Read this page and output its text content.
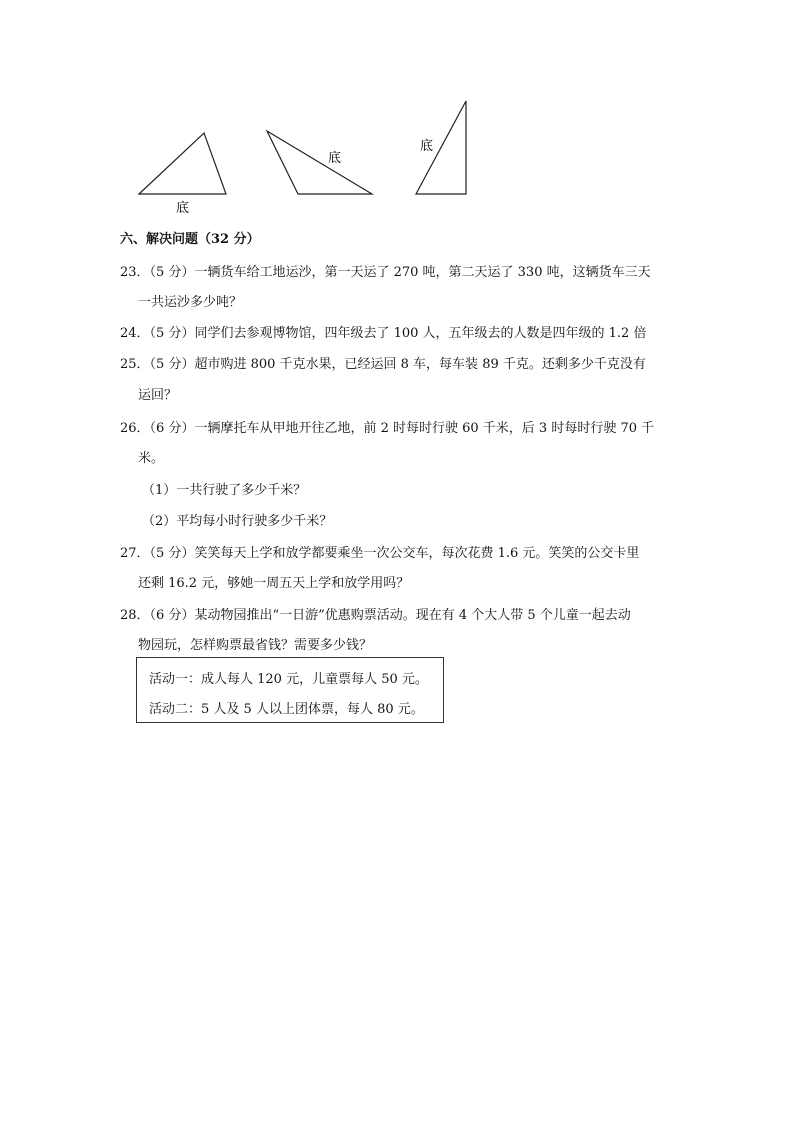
底
底
底
六、解决问题（32 分）
23．（5 分）一辆货车给工地运沙，第一天运了 270 吨，第二天运了 330 吨，这辆货车三天
一共运沙多少吨？
24．（5 分）同学们去参观博物馆，四年级去了 100 人，五年级去的人数是四年级的 1.2 倍
25．（5 分）超市购进 800 千克水果，已经运回 8 车，每车装 89 千克。还剩多少千克没有
运回？
26．（6 分）一辆摩托车从甲地开往乙地，前 2 时每时行驶 60 千米，后 3 时每时行驶 70 千
米。
（1）一共行驶了多少千米？
（2）平均每小时行驶多少千米？
27．（5 分）笑笑每天上学和放学都要乘坐一次公交车，每次花费 1.6 元。笑笑的公交卡里
还剩 16.2 元，够她一周五天上学和放学用吗？
28．（6 分）某动物园推出“一日游”优惠购票活动。现在有 4 个大人带 5 个儿童一起去动
物园玩，怎样购票最省钱？需要多少钱？
活动一：成人每人 120 元，儿童票每人 50 元。
活动二：5 人及 5 人以上团体票，每人 80 元。
